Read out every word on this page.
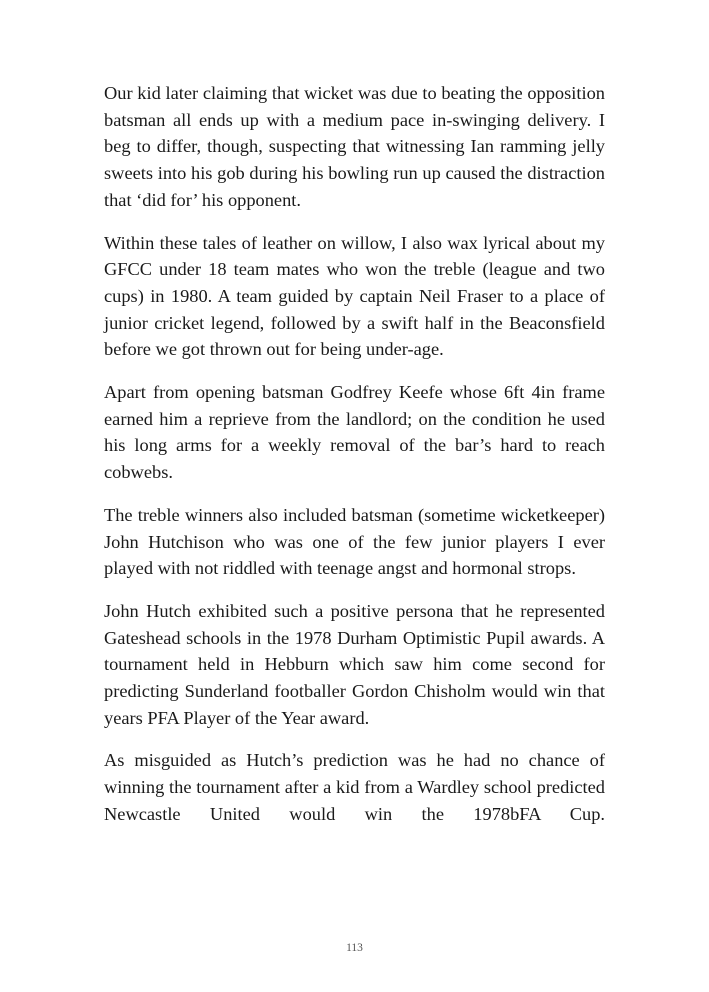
Our kid later claiming that wicket was due to beating the opposition batsman all ends up with a medium pace in-swinging delivery. I beg to differ, though, suspecting that witnessing Ian ramming jelly sweets into his gob during his bowling run up caused the distraction that ‘did for’ his opponent.

Within these tales of leather on willow, I also wax lyrical about my GFCC under 18 team mates who won the treble (league and two cups) in 1980. A team guided by captain Neil Fraser to a place of junior cricket legend, followed by a swift half in the Beaconsfield before we got thrown out for being under-age.

Apart from opening batsman Godfrey Keefe whose 6ft 4in frame earned him a reprieve from the landlord; on the condition he used his long arms for a weekly removal of the bar’s hard to reach cobwebs.

The treble winners also included batsman (sometime wicketkeeper) John Hutchison who was one of the few junior players I ever played with not riddled with teenage angst and hormonal strops.

John Hutch exhibited such a positive persona that he represented Gateshead schools in the 1978 Durham Optimistic Pupil awards. A tournament held in Hebburn which saw him come second for predicting Sunderland footballer Gordon Chisholm would win that years PFA Player of the Year award.

As misguided as Hutch’s prediction was he had no chance of winning the tournament after a kid from a Wardley school predicted Newcastle United would win the 1978bFA Cup.

113
